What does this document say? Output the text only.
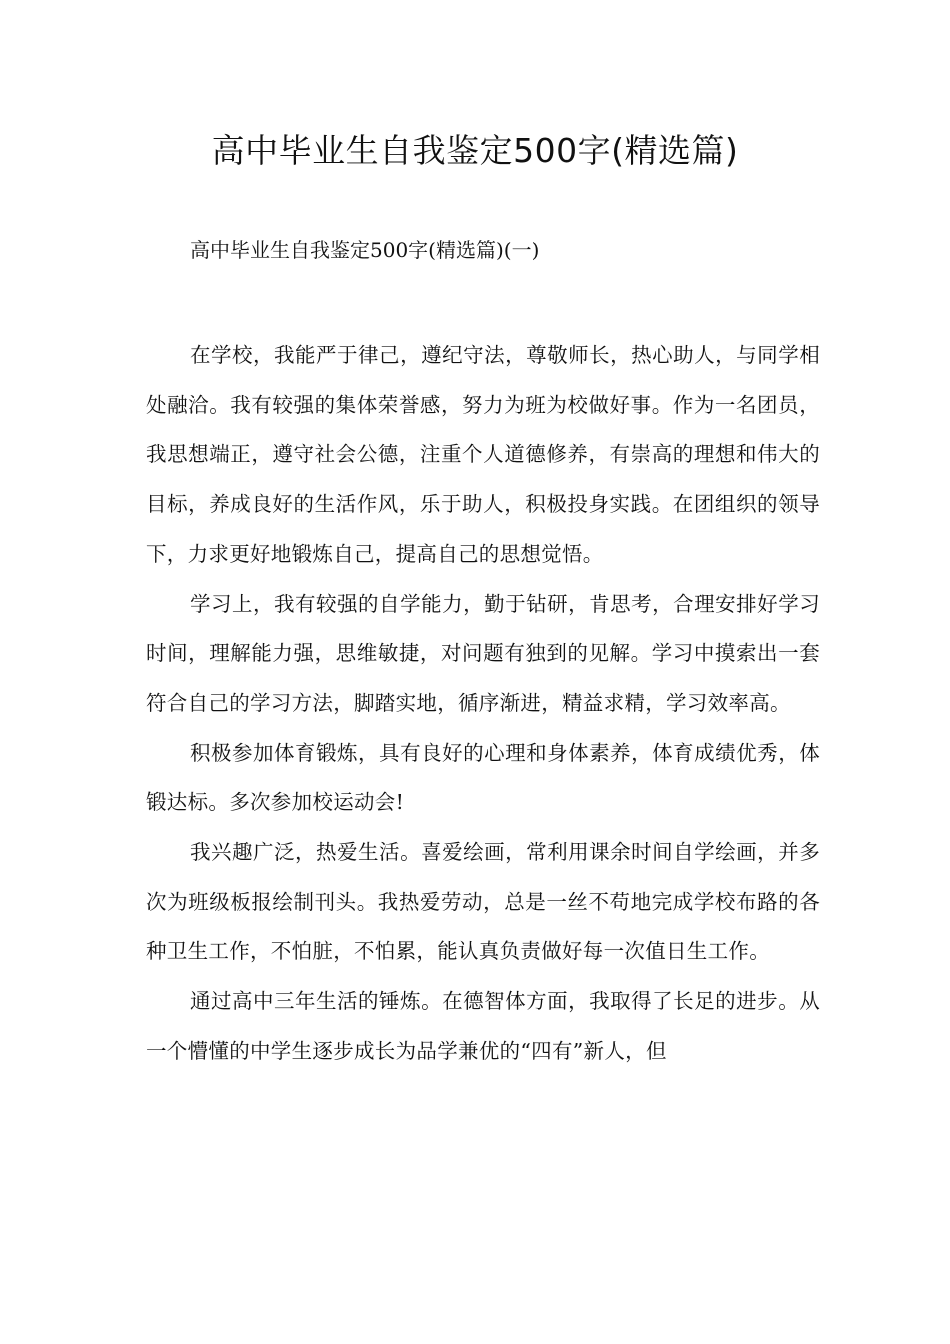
高中毕业生自我鉴定500字(精选篇)
高中毕业生自我鉴定500字(精选篇)(一)

在学校，我能严于律己，遵纪守法，尊敬师长，热心助人，与同学相处融洽。我有较强的集体荣誉感，努力为班为校做好事。作为一名团员，我思想端正，遵守社会公德，注重个人道德修养，有崇高的理想和伟大的目标，养成良好的生活作风，乐于助人，积极投身实践。在团组织的领导下，力求更好地锻炼自己，提高自己的思想觉悟。

学习上，我有较强的自学能力，勤于钻研，肯思考，合理安排好学习时间，理解能力强，思维敏捷，对问题有独到的见解。学习中摸索出一套符合自己的学习方法，脚踏实地，循序渐进，精益求精，学习效率高。

积极参加体育锻炼，具有良好的心理和身体素养，体育成绩优秀，体锻达标。多次参加校运动会!

我兴趣广泛，热爱生活。喜爱绘画，常利用课余时间自学绘画，并多次为班级板报绘制刊头。我热爱劳动，总是一丝不苟地完成学校布路的各种卫生工作，不怕脏，不怕累，能认真负责做好每一次值日生工作。

通过高中三年生活的锤炼。在德智体方面，我取得了长足的进步。从一个懵懂的中学生逐步成长为品学兼优的“四有”新人，但
